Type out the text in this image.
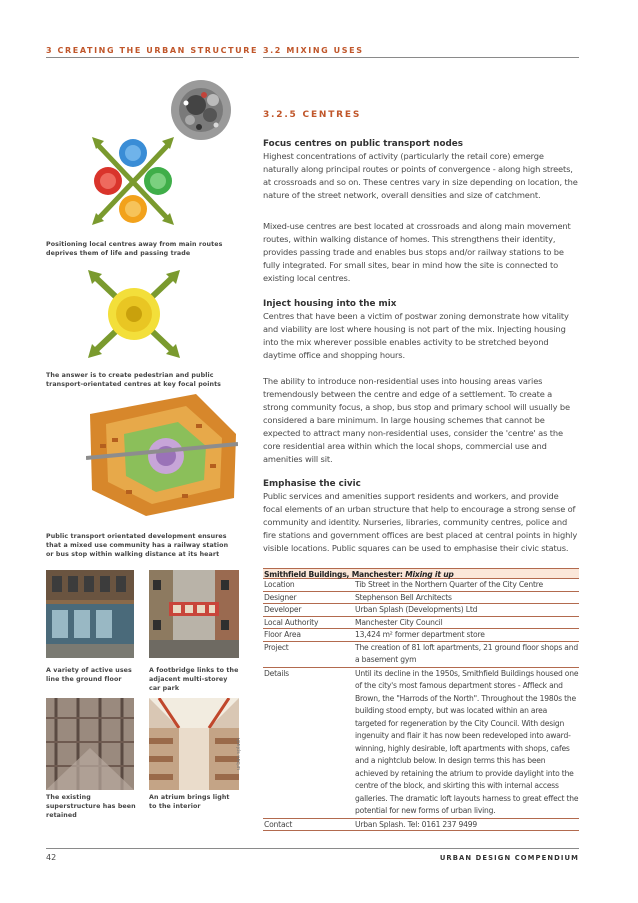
3 CREATING THE URBAN STRUCTURE 3.2 MIXING USES
Positioning local centres away from main routes deprives them of life and passing trade
The answer is to create pedestrian and public transport-orientated centres at key focal points
Public transport orientated development ensures that a mixed use community has a railway station or bus stop within walking distance at its heart
A variety of active uses line the ground floor
A footbridge links to the adjacent multi-storey car park
urban splash
The existing superstructure has been retained
An atrium brings light to the interior
3.2.5 CENTRES
Focus centres on public transport nodes

Highest concentrations of activity (particularly the retail core) emerge naturally along principal routes or points of convergence - along high streets, at crossroads and so on. These centres vary in size depending on location, the nature of the street network, overall densities and size of catchment.

Mixed-use centres are best located at crossroads and along main movement routes, within walking distance of homes. This strengthens their identity, provides passing trade and enables bus stops and/or railway stations to be fully integrated. For small sites, bear in mind how the site is connected to existing local centres.
Inject housing into the mix

Centres that have been a victim of postwar zoning demonstrate how vitality and viability are lost where housing is not part of the mix. Injecting housing into the mix wherever possible enables activity to be stretched beyond daytime office and shopping hours.

The ability to introduce non-residential uses into housing areas varies tremendously between the centre and edge of a settlement. To create a strong community focus, a shop, bus stop and primary school will usually be considered a bare minimum. In large housing schemes that cannot be expected to attract many non-residential uses, consider the 'centre' as the core residential area within which the local shops, commercial use and amenities will sit.
Emphasise the civic

Public services and amenities support residents and workers, and provide focal elements of an urban structure that help to encourage a strong sense of community and identity. Nurseries, libraries, community centres, police and fire stations and government offices are best placed at central points in highly visible locations. Public squares can be used to emphasise their civic status.

Smithfield Buildings, Manchester: Mixing it up
Location	Tib Street in the Northern Quarter of the City Centre
Designer	Stephenson Bell Architects
Developer	Urban Splash (Developments) Ltd
Local Authority	Manchester City Council
Floor Area	13,424 m² former department store
Project	The creation of 81 loft apartments, 21 ground floor shops and a basement gym
Details	Until its decline in the 1950s, Smithfield Buildings housed one of the city's most famous department stores - Affleck and Brown, the "Harrods of the North". Throughout the 1980s the building stood empty, but was located within an area targeted for regeneration by the City Council. With design ingenuity and flair it has now been redeveloped into award-winning, highly desirable, loft apartments with shops, cafes and a nightclub below. In design terms this has been achieved by retaining the atrium to provide daylight into the centre of the block, and skirting this with internal access galleries. The dramatic loft layouts harness to great effect the potential for new forms of urban living.
Contact	Urban Splash. Tel: 0161 237 9499
42	URBAN DESIGN COMPENDIUM
